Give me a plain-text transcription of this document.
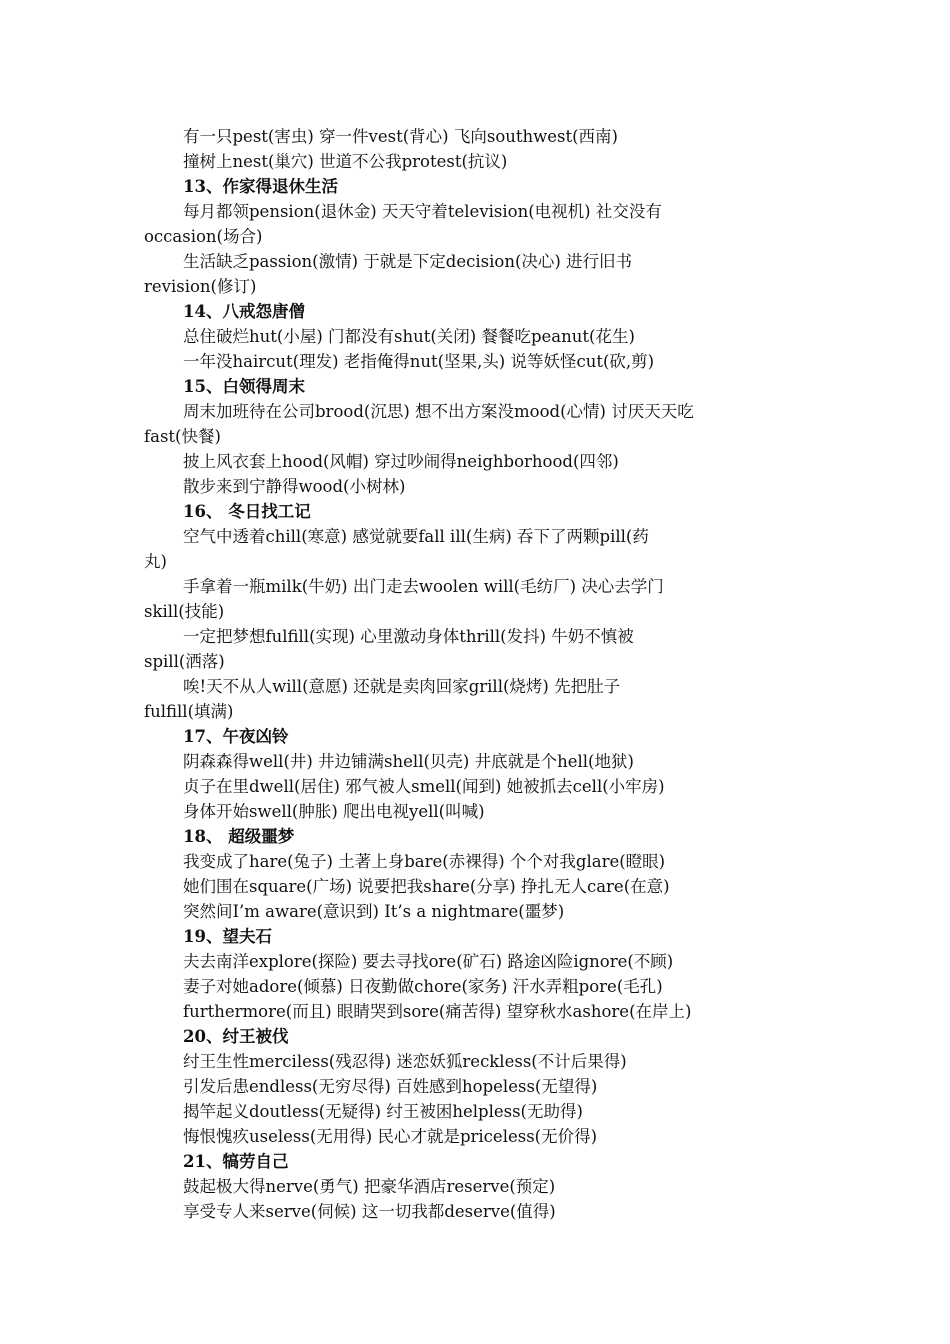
有一只pest(害虫) 穿一件vest(背心) 飞向southwest(西南)
撞树上nest(巢穴) 世道不公我protest(抗议)
13、作家得退休生活
每月都领pension(退休金) 天天守着television(电视机) 社交没有
occasion(场合)
生活缺乏passion(激情) 于就是下定decision(决心) 进行旧书
revision(修订)
14、八戒怨唐僧
总住破烂hut(小屋) 门都没有shut(关闭) 餐餐吃peanut(花生)
一年没haircut(理发) 老指俺得nut(坚果,头) 说等妖怪cut(砍,剪)
15、白领得周末
周末加班待在公司brood(沉思) 想不出方案没mood(心情) 讨厌天天吃
fast(快餐)
披上风衣套上hood(风帽) 穿过吵闹得neighborhood(四邻)
散步来到宁静得wood(小树林)
16、 冬日找工记
空气中透着chill(寒意) 感觉就要fall ill(生病) 吞下了两颗pill(药
丸)
手拿着一瓶milk(牛奶) 出门走去woolen will(毛纺厂) 决心去学门
skill(技能)
一定把梦想fulfill(实现) 心里激动身体thrill(发抖) 牛奶不慎被
spill(洒落)
唉!天不从人will(意愿) 还就是卖肉回家grill(烧烤) 先把肚子
fulfill(填满)
17、午夜凶铃
阴森森得well(井) 井边铺满shell(贝壳) 井底就是个hell(地狱)
贞子在里dwell(居住) 邪气被人smell(闻到) 她被抓去cell(小牢房)
身体开始swell(肿胀) 爬出电视yell(叫喊)
18、 超级噩梦
我变成了hare(兔子) 土著上身bare(赤裸得) 个个对我glare(瞪眼)
她们围在square(广场) 说要把我share(分享) 挣扎无人care(在意)
突然间I’m aware(意识到) It’s a nightmare(噩梦)
19、望夫石
夫去南洋explore(探险) 要去寻找ore(矿石) 路途凶险ignore(不顾)
妻子对她adore(倾慕) 日夜勤做chore(家务) 汗水弄粗pore(毛孔)
furthermore(而且) 眼睛哭到sore(痛苦得) 望穿秋水ashore(在岸上)
20、纣王被伐
纣王生性merciless(残忍得) 迷恋妖狐reckless(不计后果得)
引发后患endless(无穷尽得) 百姓感到hopeless(无望得)
揭竿起义doutless(无疑得) 纣王被困helpless(无助得)
悔恨愧疚useless(无用得) 民心才就是priceless(无价得)
21、犒劳自己
鼓起极大得nerve(勇气) 把豪华酒店reserve(预定)
享受专人来serve(伺候) 这一切我都deserve(值得)
